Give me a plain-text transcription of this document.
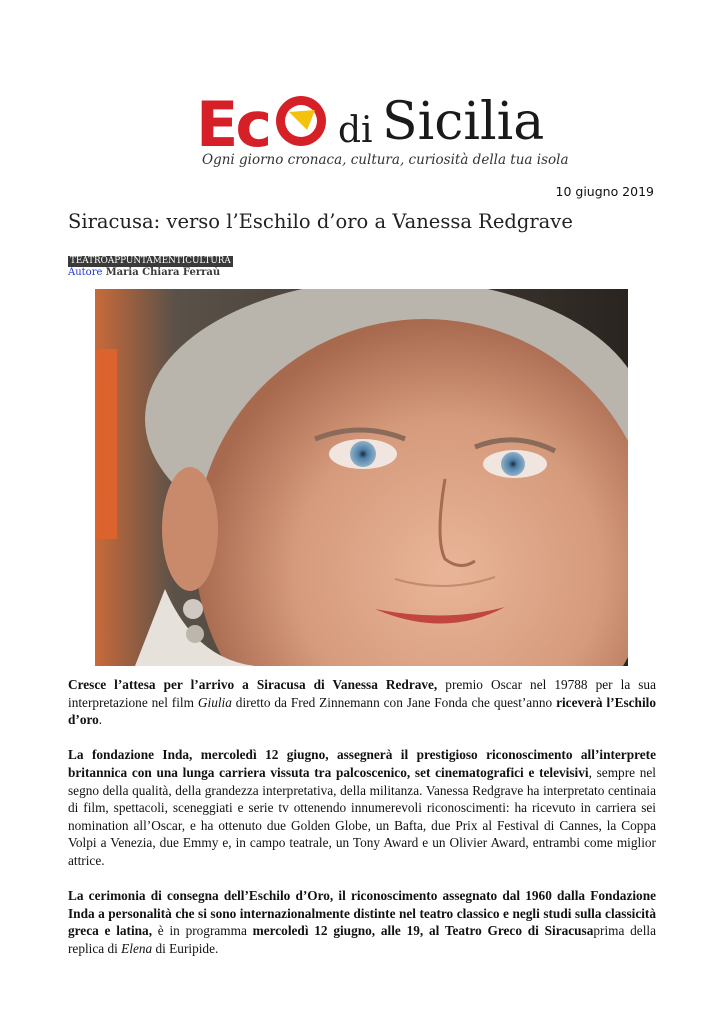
Ec di Sicilia
Ogni giorno cronaca, cultura, curiosità della tua isola
10 giugno 2019
Siracusa: verso l’Eschilo d’oro a Vanessa Redgrave
TEATROAPPUNTAMENTICULTURA
Autore Maria Chiara Ferraù

Cresce l’attesa per l’arrivo a Siracusa di Vanessa Redrave, premio Oscar nel 19788 per la sua interpretazione nel film Giulia diretto da Fred Zinnemann con Jane Fonda che quest’anno riceverà l’Eschilo d’oro.

La fondazione Inda, mercoledì 12 giugno, assegnerà il prestigioso riconoscimento all’interprete britannica con una lunga carriera vissuta tra palcoscenico, set cinematografici e televisivi, sempre nel segno della qualità, della grandezza interpretativa, della militanza. Vanessa Redgrave ha interpretato centinaia di film, spettacoli, sceneggiati e serie tv ottenendo innumerevoli riconoscimenti: ha ricevuto in carriera sei nomination all’Oscar, e ha ottenuto due Golden Globe, un Bafta, due Prix al Festival di Cannes, la Coppa Volpi a Venezia, due Emmy e, in campo teatrale, un Tony Award e un Olivier Award, entrambi come miglior attrice.

La cerimonia di consegna dell’Eschilo d’Oro, il riconoscimento assegnato dal 1960 dalla Fondazione Inda a personalità che si sono internazionalmente distinte nel teatro classico e negli studi sulla classicità greca e latina, è in programma mercoledì 12 giugno, alle 19, al Teatro Greco di Siracusaprima della replica di Elena di Euripide.
